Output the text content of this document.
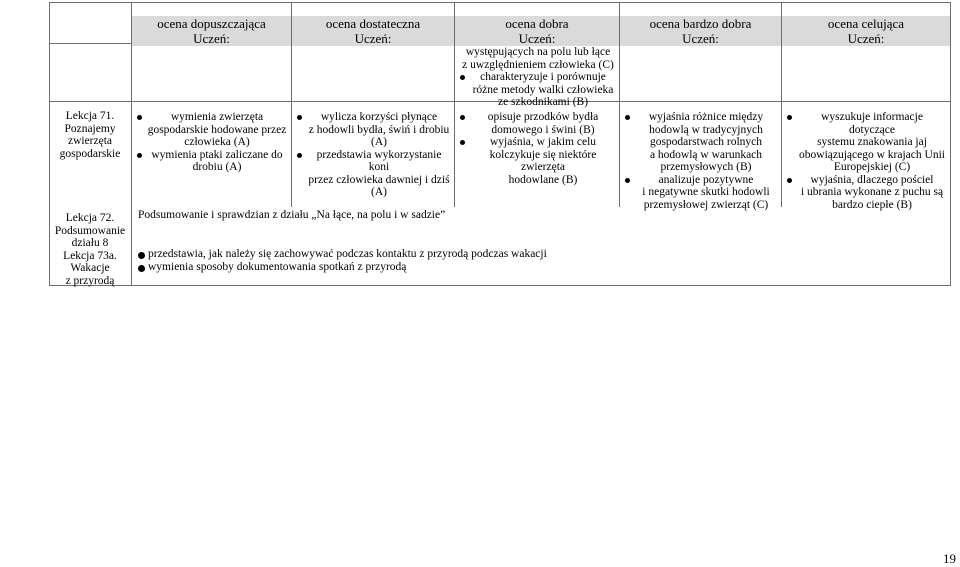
ocena dopuszczająca
Uczeń:
ocena dostateczna
Uczeń:
ocena dobra
Uczeń:
ocena bardzo dobra
Uczeń:
ocena celująca
Uczeń:
Lekcja 71.
Poznajemy
zwierzęta
gospodarskie
Lekcja 72.
Podsumowanie
działu 8
Lekcja 73a.
Wakacje
z przyrodą
występujących na polu lub łące
z uwzględnieniem człowieka (C)
charakteryzuje i porównuje
różne metody walki człowieka
ze szkodnikami (B)
wymienia zwierzęta
gospodarskie hodowane przez
człowieka (A)
wymienia ptaki zaliczane do
drobiu (A)
wylicza korzyści płynące
z hodowli bydła, świń i drobiu
(A)
przedstawia wykorzystanie koni
przez człowieka dawniej i dziś
(A)
opisuje przodków bydła
domowego i świni (B)
wyjaśnia, w jakim celu
kolczykuje się niektóre zwierzęta
hodowlane (B)
wyjaśnia różnice między
hodowlą w tradycyjnych
gospodarstwach rolnych
a hodowlą w warunkach
przemysłowych (B)
analizuje pozytywne
i negatywne skutki hodowli
przemysłowej zwierząt (C)
wyszukuje informacje dotyczące
systemu znakowania jaj
obowiązującego w krajach Unii
Europejskiej (C)
wyjaśnia, dlaczego pościel
i ubrania wykonane z puchu są
bardzo ciepłe (B)
Podsumowanie i sprawdzian z działu „Na łące, na polu i w sadzie”
przedstawia, jak należy się zachowywać podczas kontaktu z przyrodą podczas wakacji
wymienia sposoby dokumentowania spotkań z przyrodą
19
